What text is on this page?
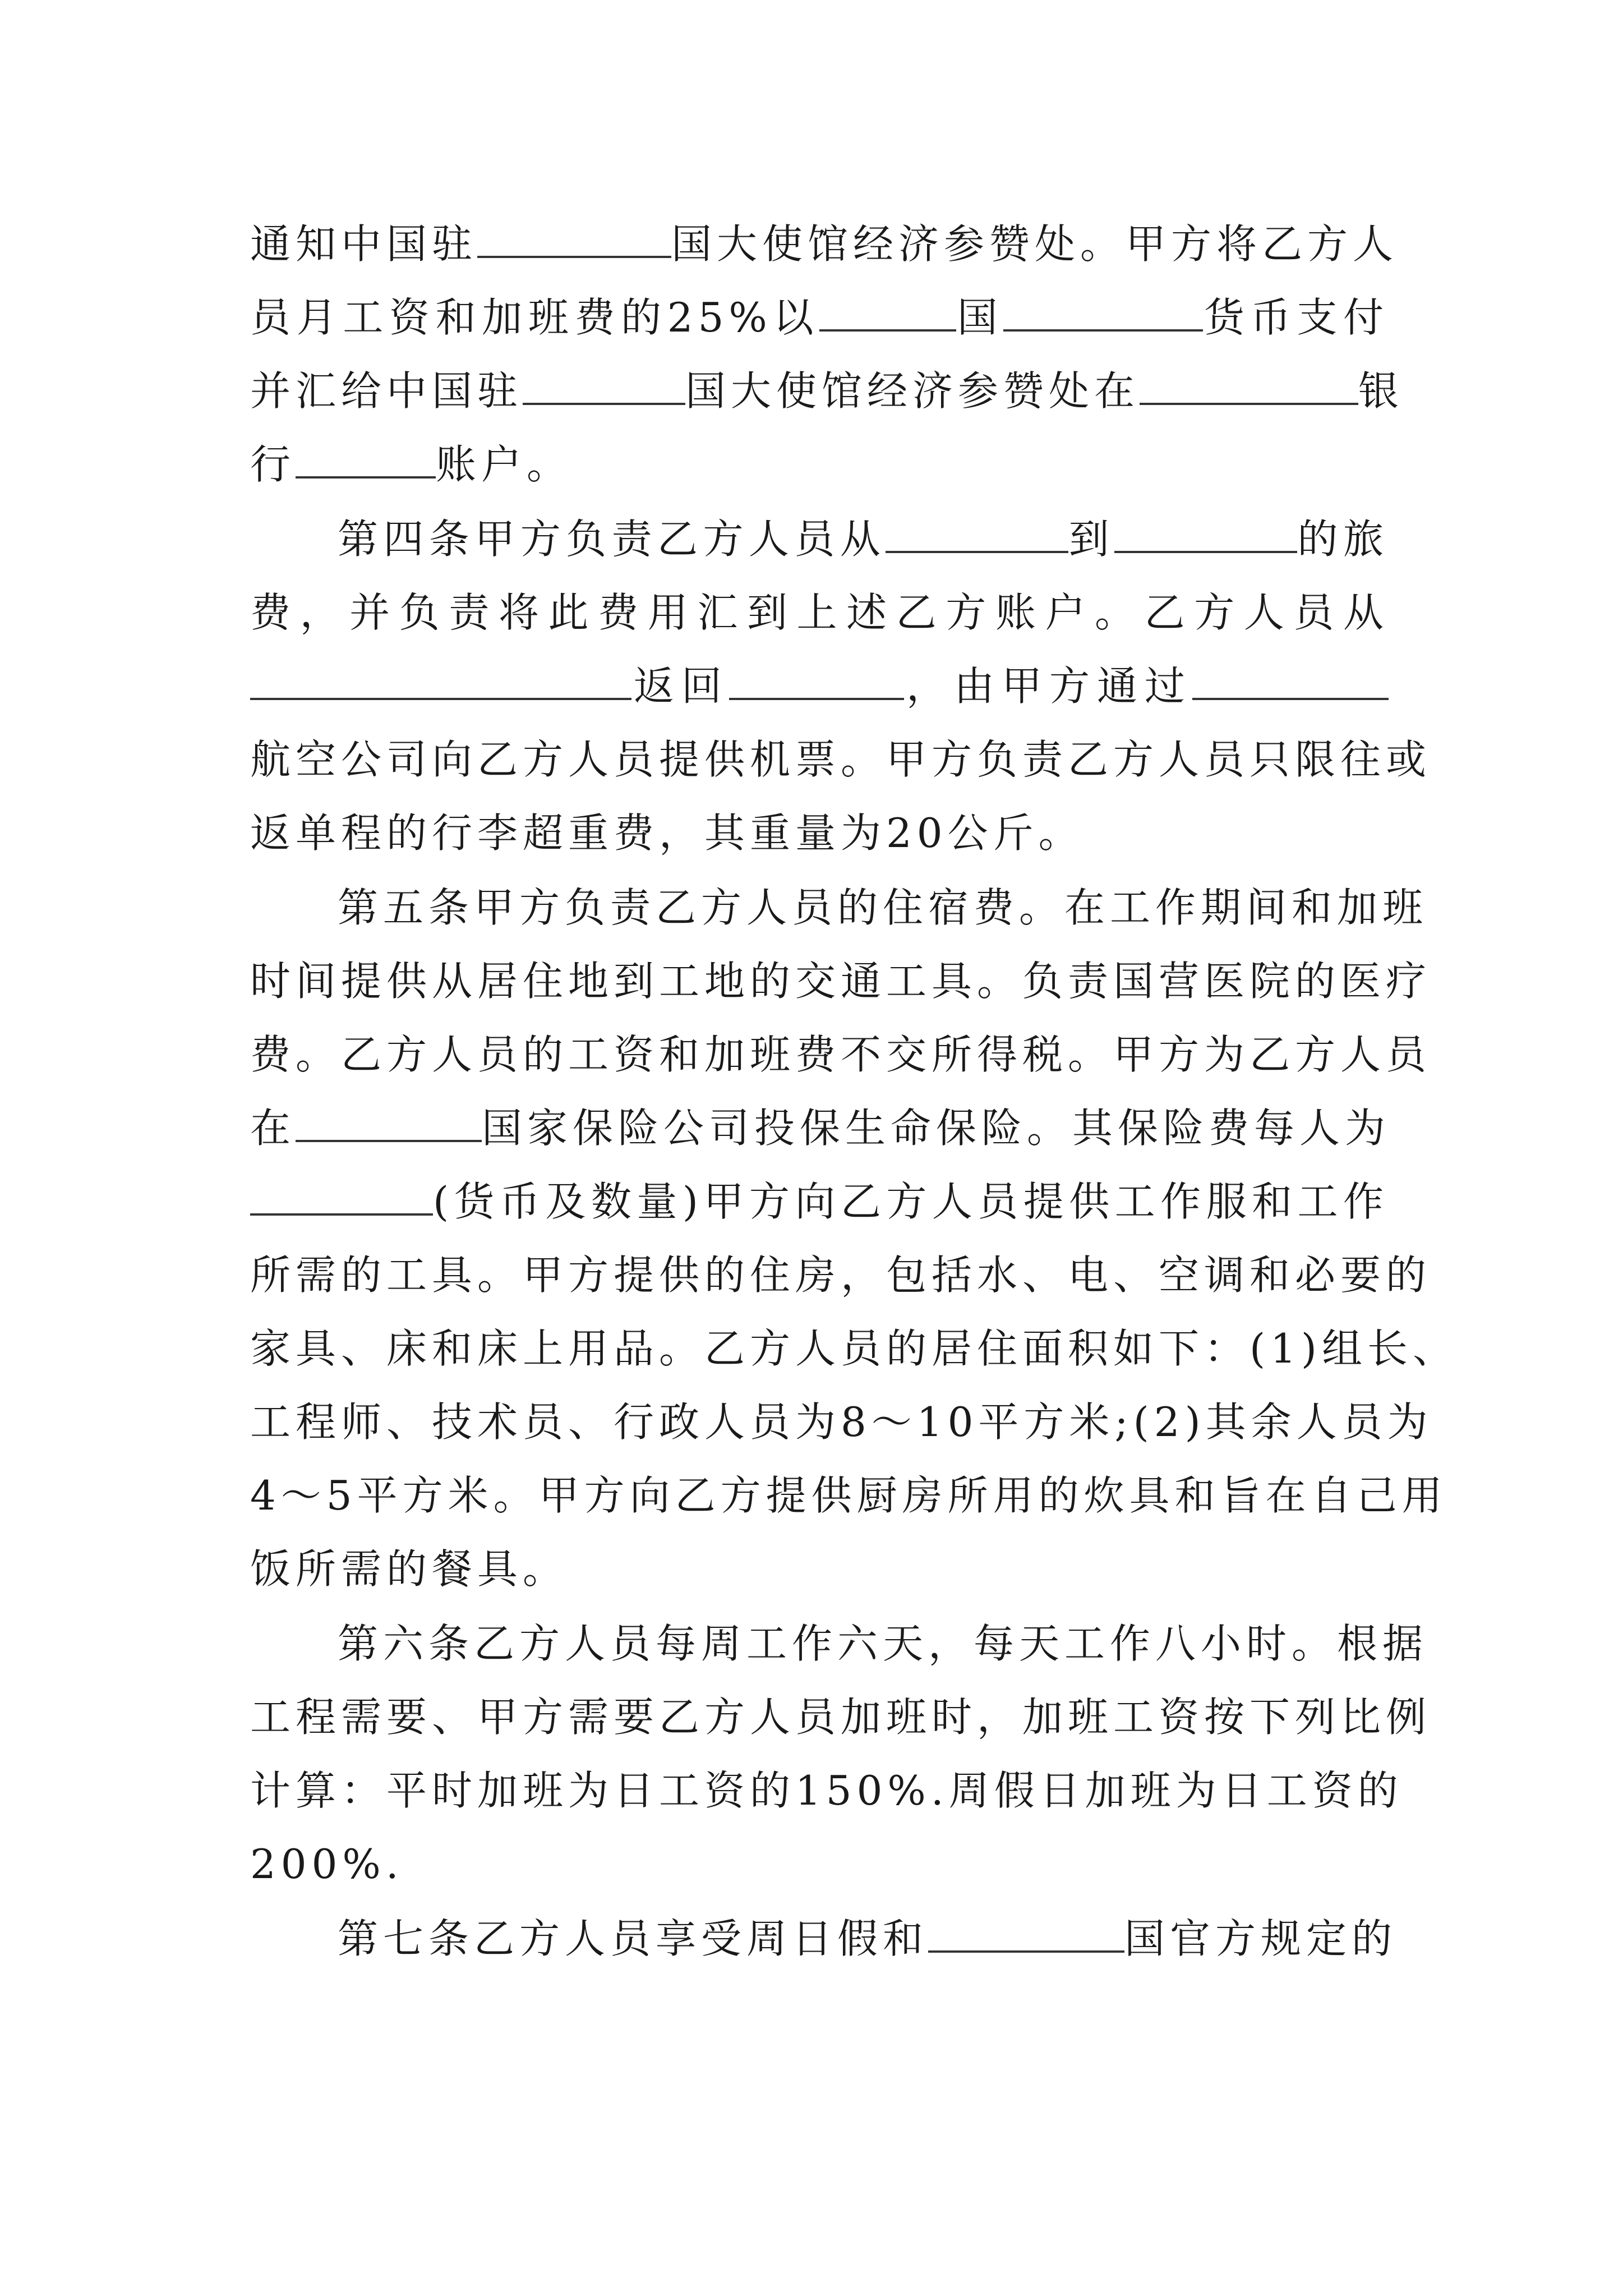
通知中国驻	国大使馆经济参赞处。甲方将乙方人
员月工资和加班费的25%以	国	货币支付
并汇给中国驻	国大使馆经济参赞处在	银
行	账户。
第四条甲方负责乙方人员从	到	的旅
费，并负责将此费用汇到上述乙方账户。乙方人员从
返回	，由甲方通过
航空公司向乙方人员提供机票。甲方负责乙方人员只限往或
返单程的行李超重费，其重量为20公斤。
第五条甲方负责乙方人员的住宿费。在工作期间和加班
时间提供从居住地到工地的交通工具。负责国营医院的医疗
费。乙方人员的工资和加班费不交所得税。甲方为乙方人员
在	国家保险公司投保生命保险。其保险费每人为
(货币及数量)甲方向乙方人员提供工作服和工作
所需的工具。甲方提供的住房，包括水、电、空调和必要的
家具、床和床上用品。乙方人员的居住面积如下：(1)组长、
工程师、技术员、行政人员为8～10平方米;(2)其余人员为
4～5平方米。甲方向乙方提供厨房所用的炊具和旨在自己用
饭所需的餐具。
第六条乙方人员每周工作六天，每天工作八小时。根据
工程需要、甲方需要乙方人员加班时，加班工资按下列比例
计算：平时加班为日工资的150%.周假日加班为日工资的
200%.
第七条乙方人员享受周日假和	国官方规定的
